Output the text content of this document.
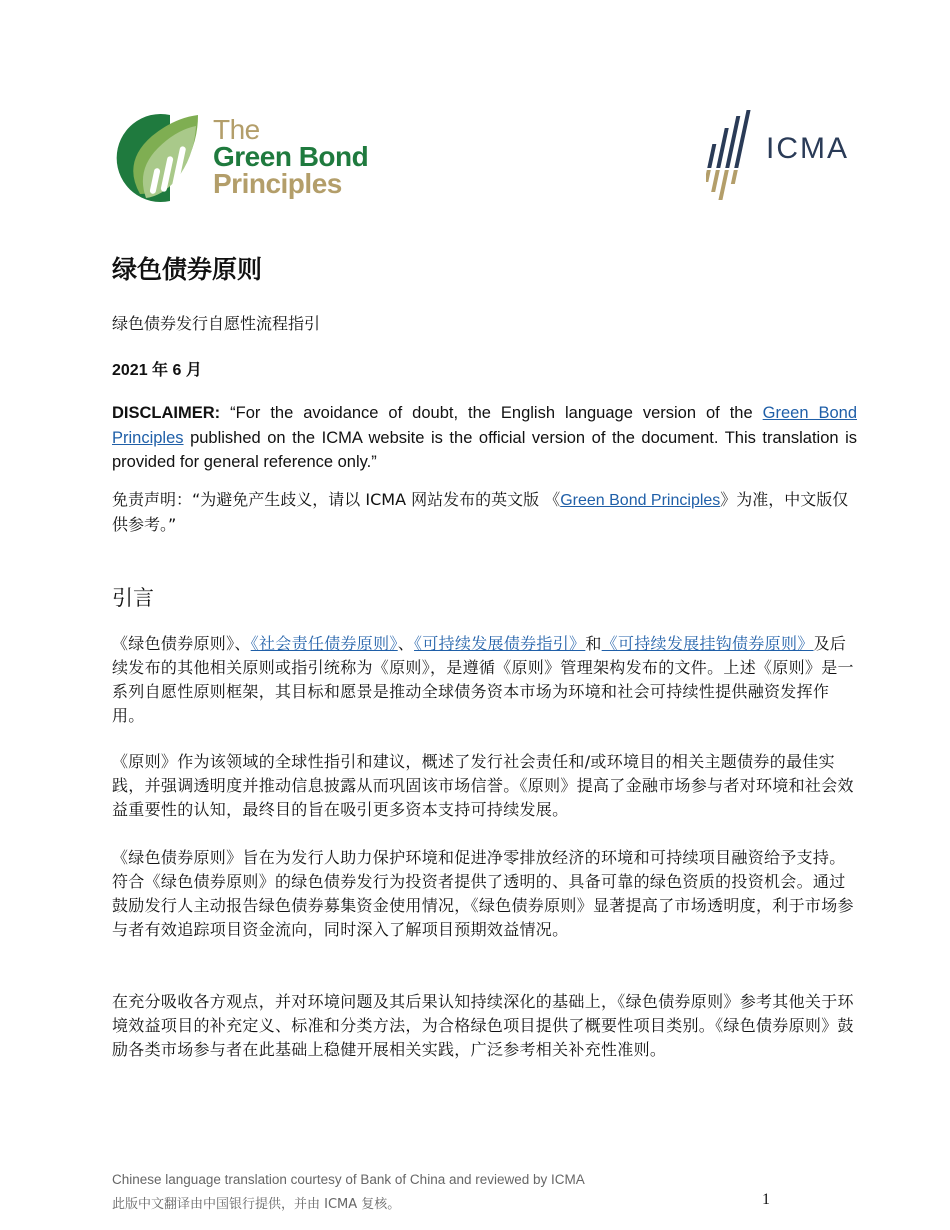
The
Green Bond
Principles
ICMA
绿色债券原则
绿色债券发行自愿性流程指引
2021 年 6 月
DISCLAIMER: “For the avoidance of doubt, the English language version of the Green Bond Principles published on the ICMA website is the official version of the document. This translation is provided for general reference only.”
免责声明：“为避免产生歧义，请以 ICMA 网站发布的英文版 《Green Bond Principles》为准，中文版仅供参考。”
引言
《绿色债券原则》、《社会责任债券原则》、《可持续发展债券指引》和《可持续发展挂钩债券原则》及后续发布的其他相关原则或指引统称为《原则》，是遵循《原则》管理架构发布的文件。上述《原则》是一系列自愿性原则框架，其目标和愿景是推动全球债务资本市场为环境和社会可持续性提供融资发挥作用。
《原则》作为该领域的全球性指引和建议，概述了发行社会责任和/或环境目的相关主题债券的最佳实践，并强调透明度并推动信息披露从而巩固该市场信誉。《原则》提高了金融市场参与者对环境和社会效益重要性的认知，最终目的旨在吸引更多资本支持可持续发展。
《绿色债券原则》旨在为发行人助力保护环境和促进净零排放经济的环境和可持续项目融资给予支持。符合《绿色债券原则》的绿色债券发行为投资者提供了透明的、具备可靠的绿色资质的投资机会。通过鼓励发行人主动报告绿色债券募集资金使用情况，《绿色债券原则》显著提高了市场透明度，利于市场参与者有效追踪项目资金流向，同时深入了解项目预期效益情况。
在充分吸收各方观点，并对环境问题及其后果认知持续深化的基础上，《绿色债券原则》参考其他关于环境效益项目的补充定义、标准和分类方法，为合格绿色项目提供了概要性项目类别。《绿色债券原则》鼓励各类市场参与者在此基础上稳健开展相关实践，广泛参考相关补充性准则。
Chinese language translation courtesy of Bank of China and reviewed by ICMA
此版中文翻译由中国银行提供，并由 ICMA 复核。	1
